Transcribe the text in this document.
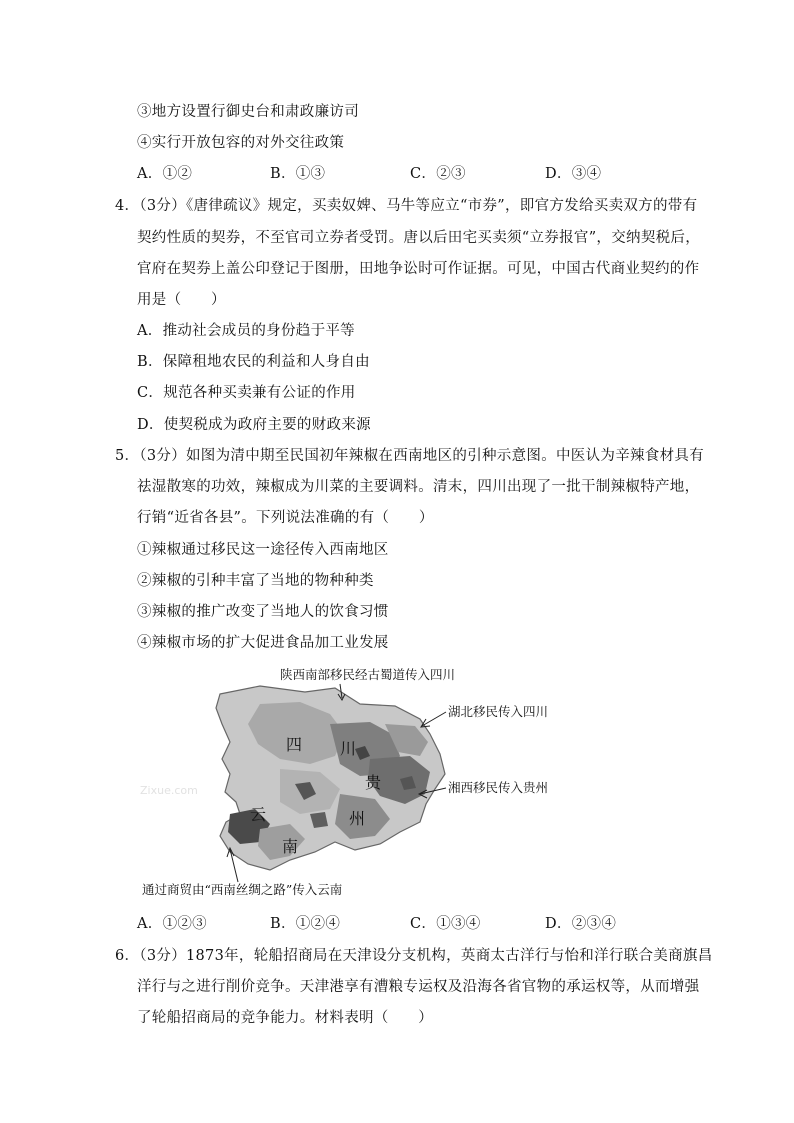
③地方设置行御史台和肃政廉访司
④实行开放包容的对外交往政策
A．①②	B．①③	C．②③	D．③④
4．（3分）《唐律疏议》规定，买卖奴婢、马牛等应立“市券”，即官方发给买卖双方的带有
契约性质的契券，不至官司立券者受罚。唐以后田宅买卖须“立券报官”，交纳契税后，
官府在契券上盖公印登记于图册，田地争讼时可作证据。可见，中国古代商业契约的作
用是（　　）
A．推动社会成员的身份趋于平等
B．保障租地农民的利益和人身自由
C．规范各种买卖兼有公证的作用
D．使契税成为政府主要的财政来源
5．（3分）如图为清中期至民国初年辣椒在西南地区的引种示意图。中医认为辛辣食材具有
祛湿散寒的功效，辣椒成为川菜的主要调料。清末，四川出现了一批干制辣椒特产地，
行销“近省各县”。下列说法准确的有（　　）
①辣椒通过移民这一途径传入西南地区
②辣椒的引种丰富了当地的物种种类
③辣椒的推广改变了当地人的饮食习惯
④辣椒市场的扩大促进食品加工业发展
四 川
贵
州
云
南
Zixue.com
陕西南部移民经古蜀道传入四川
湖北移民传入四川
湘西移民传入贵州
通过商贸由“西南丝绸之路”传入云南
A．①②③	B．①②④	C．①③④	D．②③④
6．（3分）1873年，轮船招商局在天津设分支机构，英商太古洋行与怡和洋行联合美商旗昌
洋行与之进行削价竞争。天津港享有漕粮专运权及沿海各省官物的承运权等，从而增强
了轮船招商局的竞争能力。材料表明（　　）
